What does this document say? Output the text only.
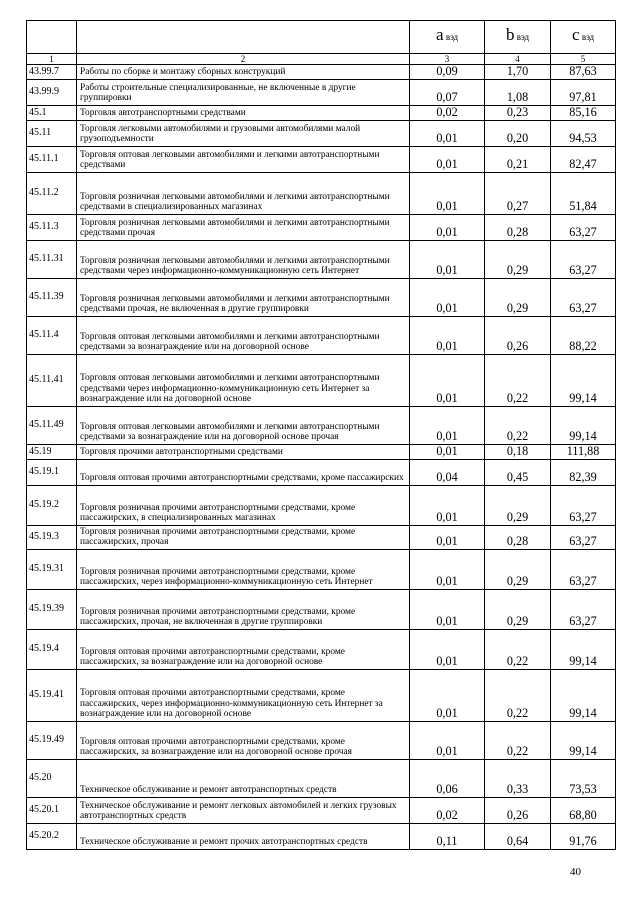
		a вэд	b вэд	c вэд
1	2	3	4	5
43.99.7	Работы по сборке и монтажу сборных конструкций	0,09	1,70	87,63
43.99.9	Работы строительные специализированные, не включенные в другие группировки	0,07	1,08	97,81
45.1	Торговля автотранспортными средствами	0,02	0,23	85,16
45.11	Торговля легковыми автомобилями и грузовыми автомобилями малой грузоподъемности	0,01	0,20	94,53
45.11.1	Торговля оптовая легковыми автомобилями и легкими автотранспортными средствами	0,01	0,21	82,47
45.11.2	Торговля розничная легковыми автомобилями и легкими автотранспортными средствами в специализированных магазинах	0,01	0,27	51,84
45.11.3	Торговля розничная легковыми автомобилями и легкими автотранспортными средствами прочая	0,01	0,28	63,27
45.11.31	Торговля розничная легковыми автомобилями и легкими автотранспортными средствами через информационно-коммуникационную сеть Интернет	0,01	0,29	63,27
45.11.39	Торговля розничная легковыми автомобилями и легкими автотранспортными средствами прочая, не включенная в другие группировки	0,01	0,29	63,27
45.11.4	Торговля оптовая легковыми автомобилями и легкими автотранспортными средствами за вознаграждение или на договорной основе	0,01	0,26	88,22
45.11.41	Торговля оптовая легковыми автомобилями и легкими автотранспортными средствами через информационно-коммуникационную сеть Интернет за вознаграждение или на договорной основе	0,01	0,22	99,14
45.11.49	Торговля оптовая легковыми автомобилями и легкими автотранспортными средствами за вознаграждение или на договорной основе прочая	0,01	0,22	99,14
45.19	Торговля прочими автотранспортными средствами	0,01	0,18	111,88
45.19.1	Торговля оптовая прочими автотранспортными средствами, кроме пассажирских	0,04	0,45	82,39
45.19.2	Торговля розничная прочими автотранспортными средствами, кроме пассажирских, в специализированных магазинах	0,01	0,29	63,27
45.19.3	Торговля розничная прочими автотранспортными средствами, кроме пассажирских, прочая	0,01	0,28	63,27
45.19.31	Торговля розничная прочими автотранспортными средствами, кроме пассажирских, через информационно-коммуникационную сеть Интернет	0,01	0,29	63,27
45.19.39	Торговля розничная прочими автотранспортными средствами, кроме пассажирских, прочая, не включенная в другие группировки	0,01	0,29	63,27
45.19.4	Торговля оптовая прочими автотранспортными средствами, кроме пассажирских, за вознаграждение или на договорной основе	0,01	0,22	99,14
45.19.41	Торговля оптовая прочими автотранспортными средствами, кроме пассажирских, через информационно-коммуникационную сеть Интернет за вознаграждение или на договорной основе	0,01	0,22	99,14
45.19.49	Торговля оптовая прочими автотранспортными средствами, кроме пассажирских, за вознаграждение или на договорной основе прочая	0,01	0,22	99,14
45.20	Техническое обслуживание и ремонт автотранспортных средств	0,06	0,33	73,53
45.20.1	Техническое обслуживание и ремонт легковых автомобилей и легких грузовых автотранспортных средств	0,02	0,26	68,80
45.20.2	Техническое обслуживание и ремонт прочих автотранспортных средств	0,11	0,64	91,76
40
